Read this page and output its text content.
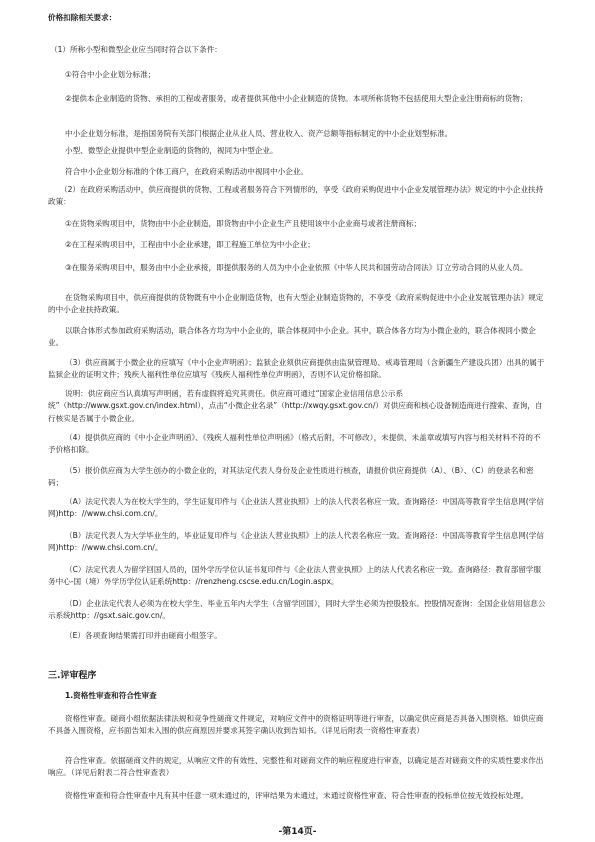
价格扣除相关要求：

（1）所称小型和微型企业应当同时符合以下条件：

①符合中小企业划分标准；

②提供本企业制造的货物、承担的工程或者服务，或者提供其他中小企业制造的货物。本项所称货物不包括使用大型企业注册商标的货物；

中小企业划分标准，是指国务院有关部门根据企业从业人员、营业收入、资产总额等指标制定的中小企业划型标准。

小型、微型企业提供中型企业制造的货物的，视同为中型企业。

符合中小企业划分标准的个体工商户，在政府采购活动中视同中小企业。

（2）在政府采购活动中，供应商提供的货物、工程或者服务符合下列情形的，享受《政府采购促进中小企业发展管理办法》规定的中小企业扶持政策：

①在货物采购项目中，货物由中小企业制造，即货物由中小企业生产且使用该中小企业商号或者注册商标；

②在工程采购项目中，工程由中小企业承建，即工程施工单位为中小企业；

③在服务采购项目中，服务由中小企业承接，即提供服务的人员为中小企业依照《中华人民共和国劳动合同法》订立劳动合同的从业人员。

在货物采购项目中，供应商提供的货物既有中小企业制造货物，也有大型企业制造货物的，不享受《政府采购促进中小企业发展管理办法》规定的中小企业扶持政策。

以联合体形式参加政府采购活动，联合体各方均为中小企业的，联合体视同中小企业。其中，联合体各方均为小微企业的，联合体视同小微企业。

（3）供应商属于小微企业的应填写《中小企业声明函》；监狱企业须供应商提供由监狱管理局、戒毒管理局（含新疆生产建设兵团）出具的属于监狱企业的证明文件；残疾人福利性单位应填写《残疾人福利性单位声明函》，否则不认定价格扣除。

说明：供应商应当认真填写声明函，若有虚假将追究其责任。供应商可通过“国家企业信用信息公示系统”（http://www.gsxt.gov.cn/index.html），点击“小微企业名录”（http://xwqy.gsxt.gov.cn/）对供应商和核心设备制造商进行搜索、查询，自行核实是否属于小微企业。

（4）提供供应商的《中小企业声明函》、《残疾人福利性单位声明函》（格式后附，不可修改），未提供、未盖章或填写内容与相关材料不符的不予价格扣除。

（5）报价供应商为大学生创办的小微企业的，对其法定代表人身份及企业性质进行核查，请报价供应商提供（A）、（B）、（C）的登录名和密码；

（A）法定代表人为在校大学生的，学生证复印件与《企业法人营业执照》上的法人代表名称应一致。查询路径：中国高等教育学生信息网(学信网)http：//www.chsi.com.cn/。

（B）法定代表人为大学毕业生的，毕业证复印件与《企业法人营业执照》上的法人代表名称应一致。查询路径：中国高等教育学生信息网(学信网)http：//www.chsi.com.cn/。

（C）法定代表人为留学回国人员的，国外学历学位认证书复印件与《企业法人营业执照》上的法人代表名称应一致。查询路径：教育部留学服务中心-国（境）外学历学位认证系统http：//renzheng.cscse.edu.cn/Login.aspx。

（D）企业法定代表人必须为在校大学生、毕业五年内大学生（含留学回国），同时大学生必须为控股股东。控股情况查询：全国企业信用信息公示系统http：//gsxt.saic.gov.cn/。

（E）各项查询结果需打印并由磋商小组签字。

三.评审程序

1.资格性审查和符合性审查

资格性审查。磋商小组依据法律法规和竞争性磋商文件规定，对响应文件中的资格证明等进行审查，以确定供应商是否具备入围资格。如供应商不具备入围资格，应书面告知未入围的供应商原因并要求其签字确认收到告知书。（详见后附表一资格性审查表）

符合性审查。依据磋商文件的规定，从响应文件的有效性、完整性和对磋商文件的响应程度进行审查，以确定是否对磋商文件的实质性要求作出响应。（详见后附表二符合性审查表）

资格性审查和符合性审查中凡有其中任意一项未通过的，评审结果为未通过，未通过资格性审查、符合性审查的投标单位按无效投标处理。

-第14页-
